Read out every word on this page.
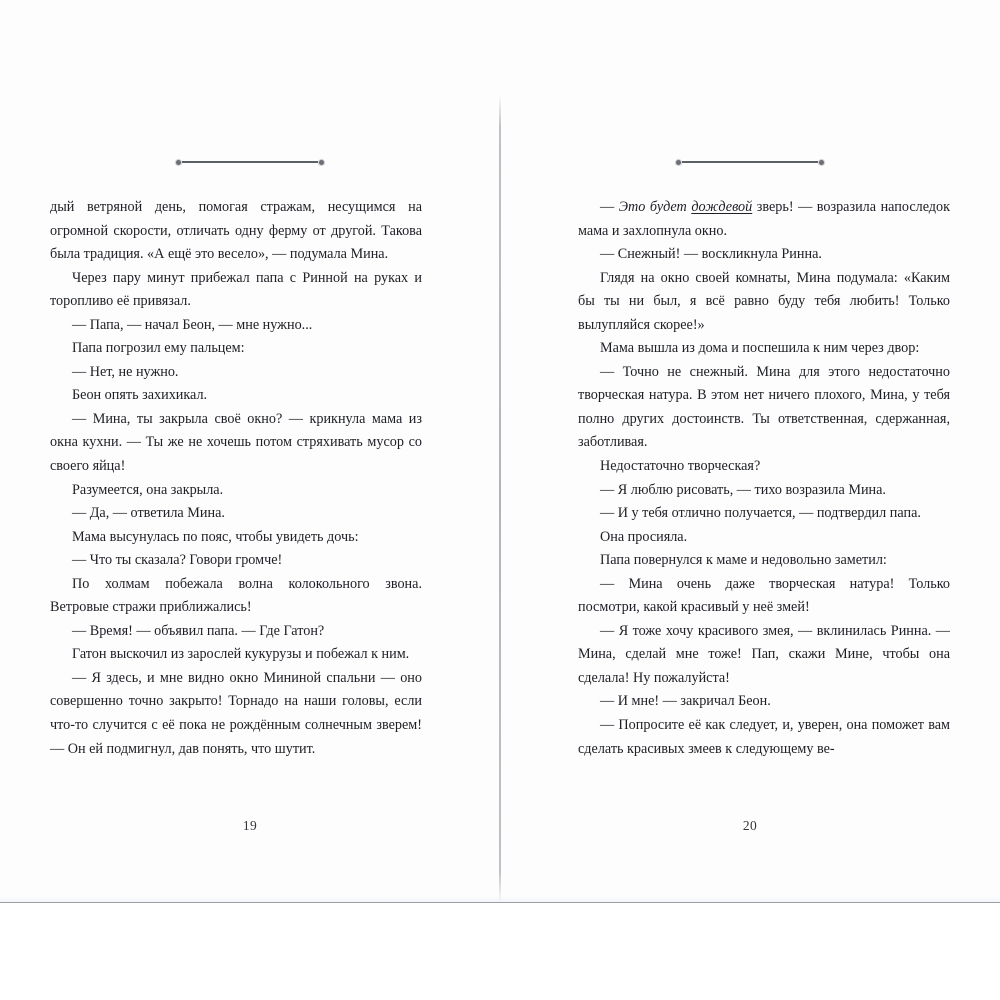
дый ветряной день, помогая стражам, несущимся на огромной скорости, отличать одну ферму от другой. Такова была традиция. «А ещё это весело», — подумала Мина.

Через пару минут прибежал папа с Ринной на руках и торопливо её привязал.

— Папа, — начал Беон, — мне нужно...

Папа погрозил ему пальцем:

— Нет, не нужно.

Беон опять захихикал.

— Мина, ты закрыла своё окно? — крикнула мама из окна кухни. — Ты же не хочешь потом стряхивать мусор со своего яйца!

Разумеется, она закрыла.

— Да, — ответила Мина.

Мама высунулась по пояс, чтобы увидеть дочь:

— Что ты сказала? Говори громче!

По холмам побежала волна колокольного звона. Ветровые стражи приближались!

— Время! — объявил папа. — Где Гатон?

Гатон выскочил из зарослей кукурузы и побежал к ним.

— Я здесь, и мне видно окно Мининой спальни — оно совершенно точно закрыто! Торнадо на наши головы, если что-то случится с её пока не рождённым солнечным зверем! — Он ей подмигнул, дав понять, что шутит.

19

— Это будет дождевой зверь! — возразила напоследок мама и захлопнула окно.

— Снежный! — воскликнула Ринна.

Глядя на окно своей комнаты, Мина подумала: «Каким бы ты ни был, я всё равно буду тебя любить! Только вылупляйся скорее!»

Мама вышла из дома и поспешила к ним через двор:

— Точно не снежный. Мина для этого недостаточно творческая натура. В этом нет ничего плохого, Мина, у тебя полно других достоинств. Ты ответственная, сдержанная, заботливая.

Недостаточно творческая?

— Я люблю рисовать, — тихо возразила Мина.

— И у тебя отлично получается, — подтвердил папа.

Она просияла.

Папа повернулся к маме и недовольно заметил:

— Мина очень даже творческая натура! Только посмотри, какой красивый у неё змей!

— Я тоже хочу красивого змея, — вклинилась Ринна. — Мина, сделай мне тоже! Пап, скажи Мине, чтобы она сделала! Ну пожалуйста!

— И мне! — закричал Беон.

— Попросите её как следует, и, уверен, она поможет вам сделать красивых змеев к следующему ве-

20
